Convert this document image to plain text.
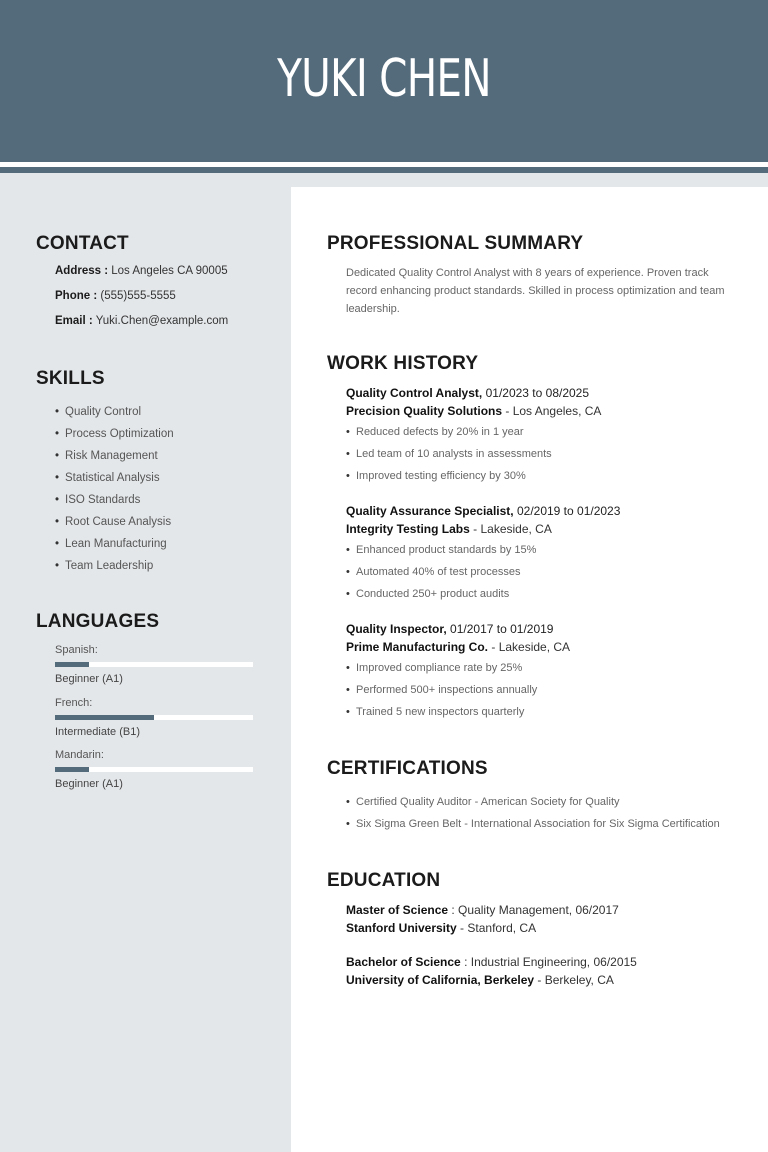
YUKI CHEN
CONTACT
Address : Los Angeles CA 90005
Phone : (555)555-5555
Email : Yuki.Chen@example.com
SKILLS
• Quality Control
• Process Optimization
• Risk Management
• Statistical Analysis
• ISO Standards
• Root Cause Analysis
• Lean Manufacturing
• Team Leadership
LANGUAGES
Spanish:
Beginner (A1)
French:
Intermediate (B1)
Mandarin:
Beginner (A1)
PROFESSIONAL SUMMARY
Dedicated Quality Control Analyst with 8 years of experience. Proven track record enhancing product standards. Skilled in process optimization and team leadership.
WORK HISTORY
Quality Control Analyst, 01/2023 to 08/2025
Precision Quality Solutions - Los Angeles, CA
• Reduced defects by 20% in 1 year
• Led team of 10 analysts in assessments
• Improved testing efficiency by 30%
Quality Assurance Specialist, 02/2019 to 01/2023
Integrity Testing Labs - Lakeside, CA
• Enhanced product standards by 15%
• Automated 40% of test processes
• Conducted 250+ product audits
Quality Inspector, 01/2017 to 01/2019
Prime Manufacturing Co. - Lakeside, CA
• Improved compliance rate by 25%
• Performed 500+ inspections annually
• Trained 5 new inspectors quarterly
CERTIFICATIONS
• Certified Quality Auditor - American Society for Quality
• Six Sigma Green Belt - International Association for Six Sigma Certification
EDUCATION
Master of Science : Quality Management, 06/2017
Stanford University - Stanford, CA
Bachelor of Science : Industrial Engineering, 06/2015
University of California, Berkeley - Berkeley, CA
